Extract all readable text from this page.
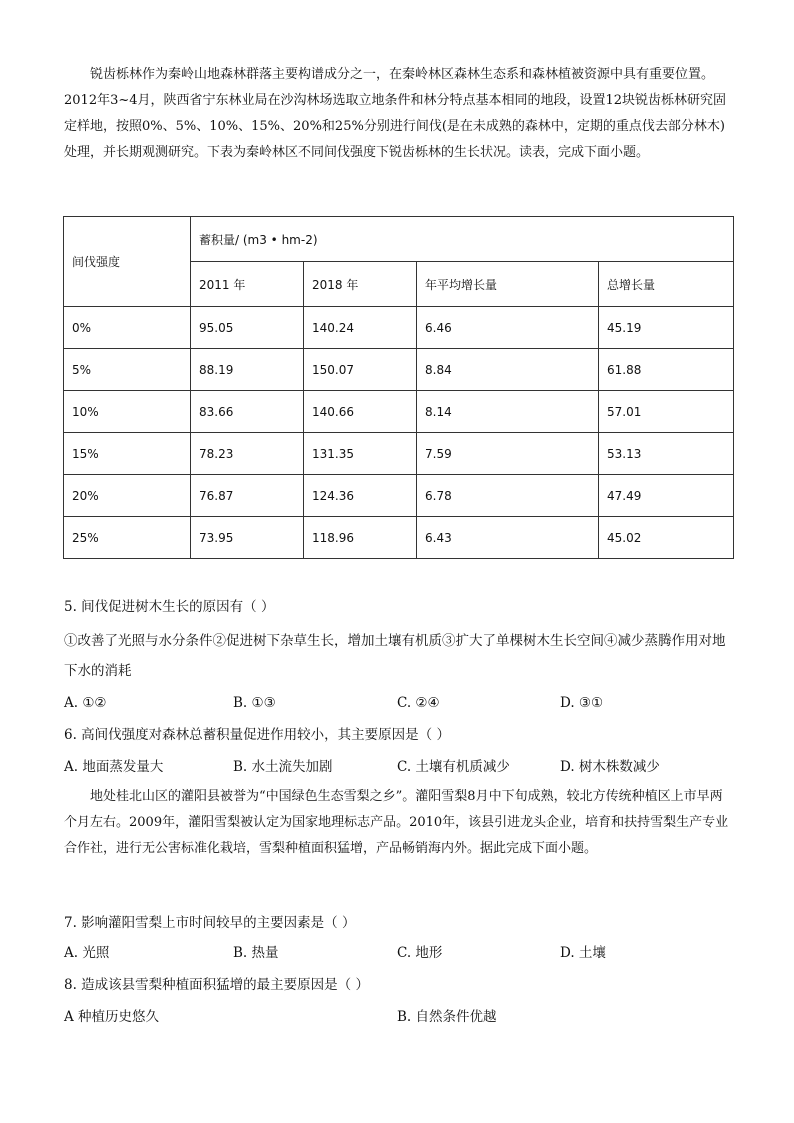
锐齿栎林作为秦岭山地森林群落主要构谱成分之一，在秦岭林区森林生态系和森林植被资源中具有重要位置。2012年3~4月，陕西省宁东林业局在沙沟林场选取立地条件和林分特点基本相同的地段，设置12块锐齿栎林研究固定样地，按照0%、5%、10%、15%、20%和25%分别进行间伐(是在未成熟的森林中，定期的重点伐去部分林木)处理，并长期观测研究。下表为秦岭林区不同间伐强度下锐齿栎林的生长状况。读表，完成下面小题。

间伐强度	蓄积量/ (m3 • hm-2)			
	2011 年	2018 年	年平均增长量	总增长量
0%	95.05	140.24	6.46	45.19
5%	88.19	150.07	8.84	61.88
10%	83.66	140.66	8.14	57.01
15%	78.23	131.35	7.59	53.13
20%	76.87	124.36	6.78	47.49
25%	73.95	118.96	6.43	45.02

5. 间伐促进树木生长的原因有（ ）

①改善了光照与水分条件②促进树下杂草生长，增加土壤有机质③扩大了单棵树木生长空间④减少蒸腾作用对地下水的消耗

A. ①②	B. ①③	C. ②④	D. ③①

6. 高间伐强度对森林总蓄积量促进作用较小，其主要原因是（ ）

A. 地面蒸发量大	B. 水土流失加剧	C. 土壤有机质减少	D. 树木株数减少

地处桂北山区的灌阳县被誉为“中国绿色生态雪梨之乡”。灌阳雪梨8月中下旬成熟，较北方传统种植区上市早两个月左右。2009年，灌阳雪梨被认定为国家地理标志产品。2010年，该县引进龙头企业，培育和扶持雪梨生产专业合作社，进行无公害标准化栽培，雪梨种植面积猛增，产品畅销海内外。据此完成下面小题。

7. 影响灌阳雪梨上市时间较早的主要因素是（ ）

A. 光照	B. 热量	C. 地形	D. 土壤

8. 造成该县雪梨种植面积猛增的最主要原因是（ ）

A 种植历史悠久	B. 自然条件优越
